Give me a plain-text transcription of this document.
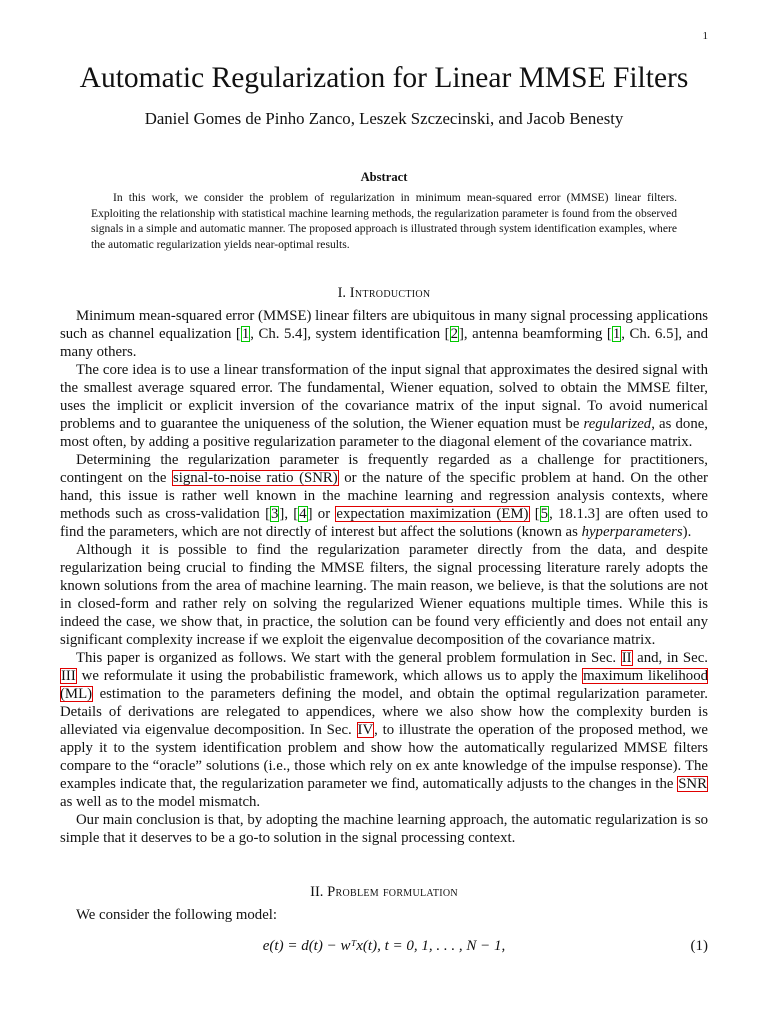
1
Automatic Regularization for Linear MMSE Filters
Daniel Gomes de Pinho Zanco, Leszek Szczecinski, and Jacob Benesty
Abstract
In this work, we consider the problem of regularization in minimum mean-squared error (MMSE) linear filters. Exploiting the relationship with statistical machine learning methods, the regularization parameter is found from the observed signals in a simple and automatic manner. The proposed approach is illustrated through system identification examples, where the automatic regularization yields near-optimal results.
I. Introduction

Minimum mean-squared error (MMSE) linear filters are ubiquitous in many signal processing applications such as channel equalization [1, Ch. 5.4], system identification [2], antenna beamforming [1, Ch. 6.5], and many others.

The core idea is to use a linear transformation of the input signal that approximates the desired signal with the smallest average squared error. The fundamental, Wiener equation, solved to obtain the MMSE filter, uses the implicit or explicit inversion of the covariance matrix of the input signal. To avoid numerical problems and to guarantee the uniqueness of the solution, the Wiener equation must be regularized, as done, most often, by adding a positive regularization parameter to the diagonal element of the covariance matrix.

Determining the regularization parameter is frequently regarded as a challenge for practitioners, contingent on the signal-to-noise ratio (SNR) or the nature of the specific problem at hand. On the other hand, this issue is rather well known in the machine learning and regression analysis contexts, where methods such as cross-validation [3], [4] or expectation maximization (EM) [5, 18.1.3] are often used to find the parameters, which are not directly of interest but affect the solutions (known as hyperparameters).

Although it is possible to find the regularization parameter directly from the data, and despite regularization being crucial to finding the MMSE filters, the signal processing literature rarely adopts the known solutions from the area of machine learning. The main reason, we believe, is that the solutions are not in closed-form and rather rely on solving the regularized Wiener equations multiple times. While this is indeed the case, we show that, in practice, the solution can be found very efficiently and does not entail any significant complexity increase if we exploit the eigenvalue decomposition of the covariance matrix.

This paper is organized as follows. We start with the general problem formulation in Sec. II and, in Sec. III we reformulate it using the probabilistic framework, which allows us to apply the maximum likelihood (ML) estimation to the parameters defining the model, and obtain the optimal regularization parameter. Details of derivations are relegated to appendices, where we also show how the complexity burden is alleviated via eigenvalue decomposition. In Sec. IV, to illustrate the operation of the proposed method, we apply it to the system identification problem and show how the automatically regularized MMSE filters compare to the “oracle” solutions (i.e., those which rely on ex ante knowledge of the impulse response). The examples indicate that, the regularization parameter we find, automatically adjusts to the changes in the SNR as well as to the model mismatch.

Our main conclusion is that, by adopting the machine learning approach, the automatic regularization is so simple that it deserves to be a go-to solution in the signal processing context.

II. Problem formulation

We consider the following model:

e(t) = d(t) − wᵀx(t), t = 0, 1, . . . , N − 1,	(1)
